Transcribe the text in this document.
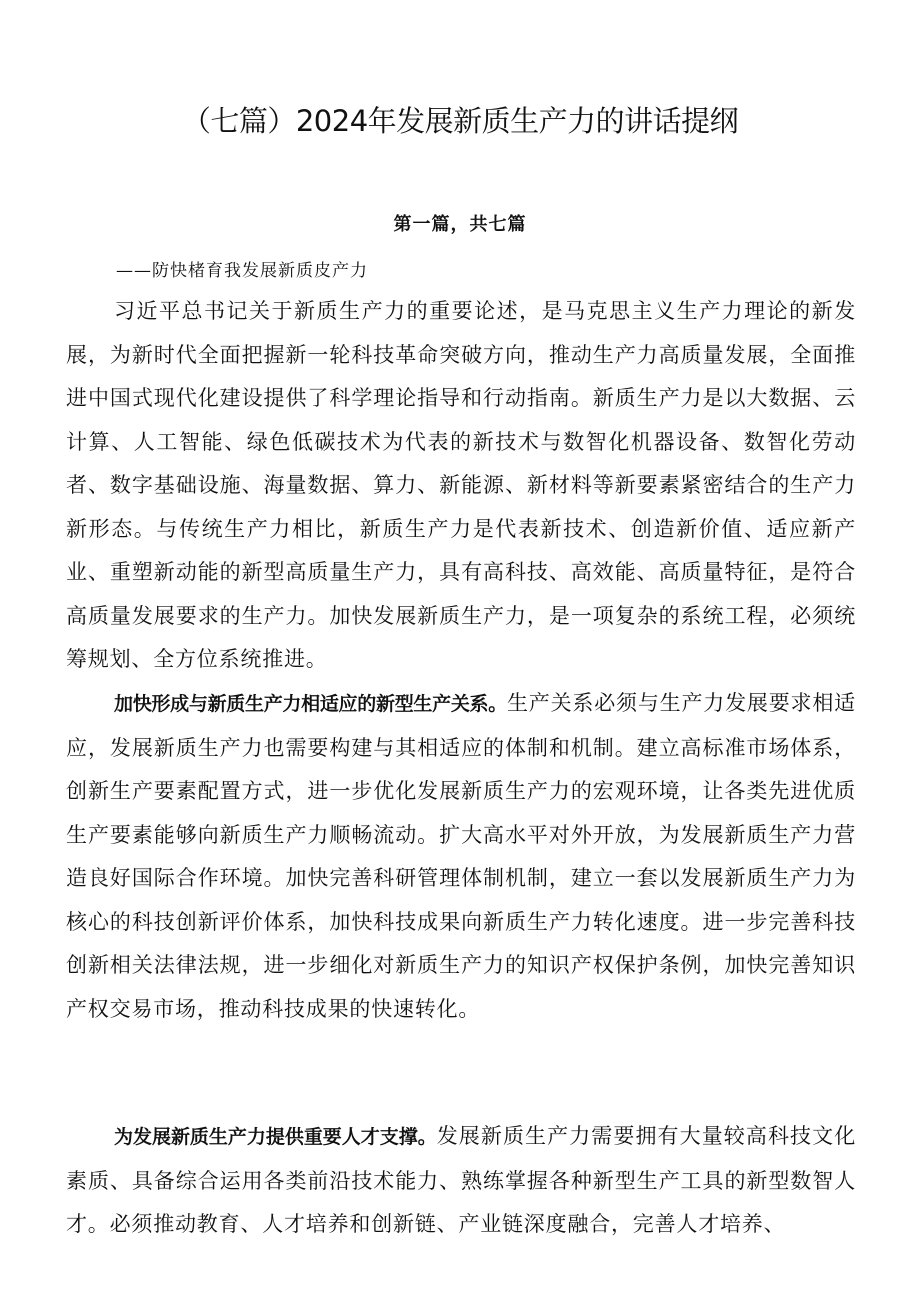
（七篇）2024年发展新质生产力的讲话提纲
第一篇，共七篇
——防快楮育我发展新质皮产力

习近平总书记关于新质生产力的重要论述，是马克思主义生产力理论的新发展，为新时代全面把握新一轮科技革命突破方向，推动生产力高质量发展，全面推进中国式现代化建设提供了科学理论指导和行动指南。新质生产力是以大数据、云计算、人工智能、绿色低碳技术为代表的新技术与数智化机器设备、数智化劳动者、数字基础设施、海量数据、算力、新能源、新材料等新要素紧密结合的生产力新形态。与传统生产力相比，新质生产力是代表新技术、创造新价值、适应新产业、重塑新动能的新型高质量生产力，具有高科技、高效能、高质量特征，是符合高质量发展要求的生产力。加快发展新质生产力，是一项复杂的系统工程，必须统筹规划、全方位系统推进。

加快形成与新质生产力相适应的新型生产关系。生产关系必须与生产力发展要求相适应，发展新质生产力也需要构建与其相适应的体制和机制。建立高标准市场体系，创新生产要素配置方式，进一步优化发展新质生产力的宏观环境，让各类先进优质生产要素能够向新质生产力顺畅流动。扩大高水平对外开放，为发展新质生产力营造良好国际合作环境。加快完善科研管理体制机制，建立一套以发展新质生产力为核心的科技创新评价体系，加快科技成果向新质生产力转化速度。进一步完善科技创新相关法律法规，进一步细化对新质生产力的知识产权保护条例，加快完善知识产权交易市场，推动科技成果的快速转化。

为发展新质生产力提供重要人才支撑。发展新质生产力需要拥有大量较高科技文化素质、具备综合运用各类前沿技术能力、熟练掌握各种新型生产工具的新型数智人才。必须推动教育、人才培养和创新链、产业链深度融合，完善人才培养、
